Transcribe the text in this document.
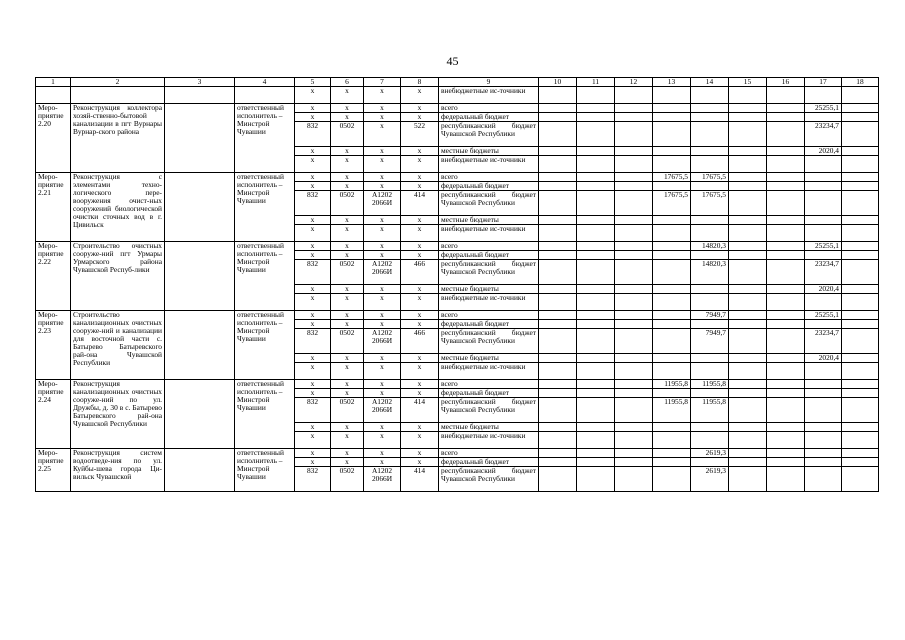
45
1	2	3	4	5	6	7	8	9	10	11	12	13	14	15	16	17	18
				х	х	х	х	внебюджетные ис-точники									
Меро-приятие 2.20	Реконструкция коллектора хозяй-ственно-бытовой канализации в пгт Вурнары Вурнар-ского района		ответственный исполнитель – Минстрой Чувашии	х	х	х	х	всего								25255,1	
				х	х	х	х	федеральный бюджет									
				832	0502	х	522	республиканский бюджет Чувашской Республики								23234,7	
				х	х	х	х	местные бюджеты								2020,4	
				х	х	х	х	внебюджетные ис-точники									
Меро-приятие 2.21	Реконструкция с элементами техно-логического пере-вооружения очист-ных сооружений биологической очистки сточных вод в г. Цивильск		ответственный исполнитель – Минстрой Чувашии	х	х	х	х	всего				17675,5	17675,5				
				х	х	х	х	федеральный бюджет									
				832	0502	А1202 2066И	414	республиканский бюджет Чувашской Республики				17675,5	17675,5				
				х	х	х	х	местные бюджеты									
				х	х	х	х	внебюджетные ис-точники									
Меро-приятие 2.22	Строительство очистных сооруже-ний пгт Урмары Урмарского района Чувашской Респуб-лики		ответственный исполнитель – Минстрой Чувашии	х	х	х	х	всего					14820,3			25255,1	
				х	х	х	х	федеральный бюджет									
				832	0502	А1202 2066И	466	республиканский бюджет Чувашской Республики					14820,3			23234,7	
				х	х	х	х	местные бюджеты								2020,4	
				х	х	х	х	внебюджетные ис-точники									
Меро-приятие 2.23	Строительство канализационных очистных сооруже-ний и канализации для восточной части с. Батырево Батыревского рай-она Чувашской Республики		ответственный исполнитель – Минстрой Чувашии	х	х	х	х	всего					7949,7			25255,1	
				х	х	х	х	федеральный бюджет									
				832	0502	А1202 2066И	466	республиканский бюджет Чувашской Республики					7949,7			23234,7	
				х	х	х	х	местные бюджеты								2020,4	
				х	х	х	х	внебюджетные ис-точники									
Меро-приятие 2.24	Реконструкция канализационных очистных сооруже-ний по ул. Дружбы, д. 30 в с. Батырево Батыревского рай-она Чувашской Республики		ответственный исполнитель – Минстрой Чувашии	х	х	х	х	всего				11955,8	11955,8				
				х	х	х	х	федеральный бюджет									
				832	0502	А1202 2066И	414	республиканский бюджет Чувашской Республики				11955,8	11955,8				
				х	х	х	х	местные бюджеты									
				х	х	х	х	внебюджетные ис-точники									
Меро-приятие 2.25	Реконструкция систем водоотведе-ния по ул. Куйбы-шева города Ци-вильск Чувашской		ответственный исполнитель – Минстрой Чувашии	х	х	х	х	всего					2619,3				
				х	х	х	х	федеральный бюджет									
				832	0502	А1202 2066И	414	республиканский бюджет Чувашской Республики					2619,3				
